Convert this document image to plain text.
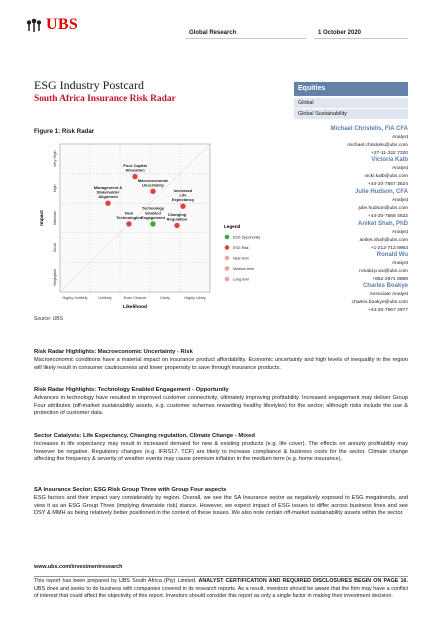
UBS	Global Research	1 October 2020
ESG Industry Postcard
South Africa Insurance Risk Radar
Equities
Global
Global Sustainability
Michael Christelis, FIA CFA
Analyst
michael.christelis@ubs.com
+27-11-322 7320
Victoria Kalb
Analyst
vicki.kalb@ubs.com
+44-20-7567 3624
Julie Hudson, CFA
Analyst
julie.hudson@ubs.com
+44-20-7568 4632
Aniket Shah, PhD
Analyst
aniket.shah@ubs.com
+1-212-713 8963
Ronald Wu
Analyst
ronald.p.wu@ubs.com
+852-2971 8888
Charles Boakye
Associate Analyst
charles.boakye@ubs.com
+44-20-7567 4977
Figure 1: Risk Radar
Highly Unlikely	Unlikely	Even Chance	Likely	Highly Likely
Negligible
Small
Material
High
Very High
Likelihood
Impact
Poor Capital Allocation
Management & Stakeholder Alignment
Macroeconomic Uncertainty
Increased Life Expectancy
New Technologies
Technology Enabled Engagement
Changing Regulation
Legend
ESG Opportunity
ESG Risk
Near term
Medium term
Long term
Source: UBS
Risk Radar Highlights: Macroeconomic Uncertainty - Risk
Macroeconomic conditions have a material impact on insurance product affordability. Economic uncertainty and high levels of inequality in the region will likely result in consumer cautiousness and lower propensity to save through insurance products.
Risk Radar Highlights: Technology Enabled Engagement - Opportunity
Advances in technology have resulted in improved customer connectivity, ultimately improving profitability. Increased engagement may deliver Group Four attributes (off-market sustainability assets, e.g. customer schemes rewarding healthy lifestyles) for the sector; although risks include the use & protection of customer data.
Sector Catalysts: Life Expectancy, Changing regulation, Climate Change - Mixed
Increases in life expectancy may result in increased demand for new & existing products (e.g. life cover). The effects on annuity profitability may however be negative. Regulatory changes (e.g. IFRS17, TCF) are likely to increase compliance & business costs for the sector. Climate change affecting the frequency & severity of weather events may cause premium inflation in the medium term (e.g. home insurance).
SA Insurance Sector: ESG Risk Group Three with Group Four aspects
ESG factors and their impact vary considerably by region. Overall, we see the SA Insurance sector as negatively exposed to ESG megatrends, and view it as an ESG Group Three (implying downside risk) stance. However, we expect impact of ESG issues to differ across business lines and see DSY & MMH as being relatively better positioned in the context of these issues. We also note certain off-market sustainability assets within the sector.
www.ubs.com/investmentresearch
This report has been prepared by UBS South Africa (Pty) Limited. ANALYST CERTIFICATION AND REQUIRED DISCLOSURES BEGIN ON PAGE 16. UBS does and seeks to do business with companies covered in its research reports. As a result, investors should be aware that the firm may have a conflict of interest that could affect the objectivity of this report. Investors should consider this report as only a single factor in making their investment decision.
